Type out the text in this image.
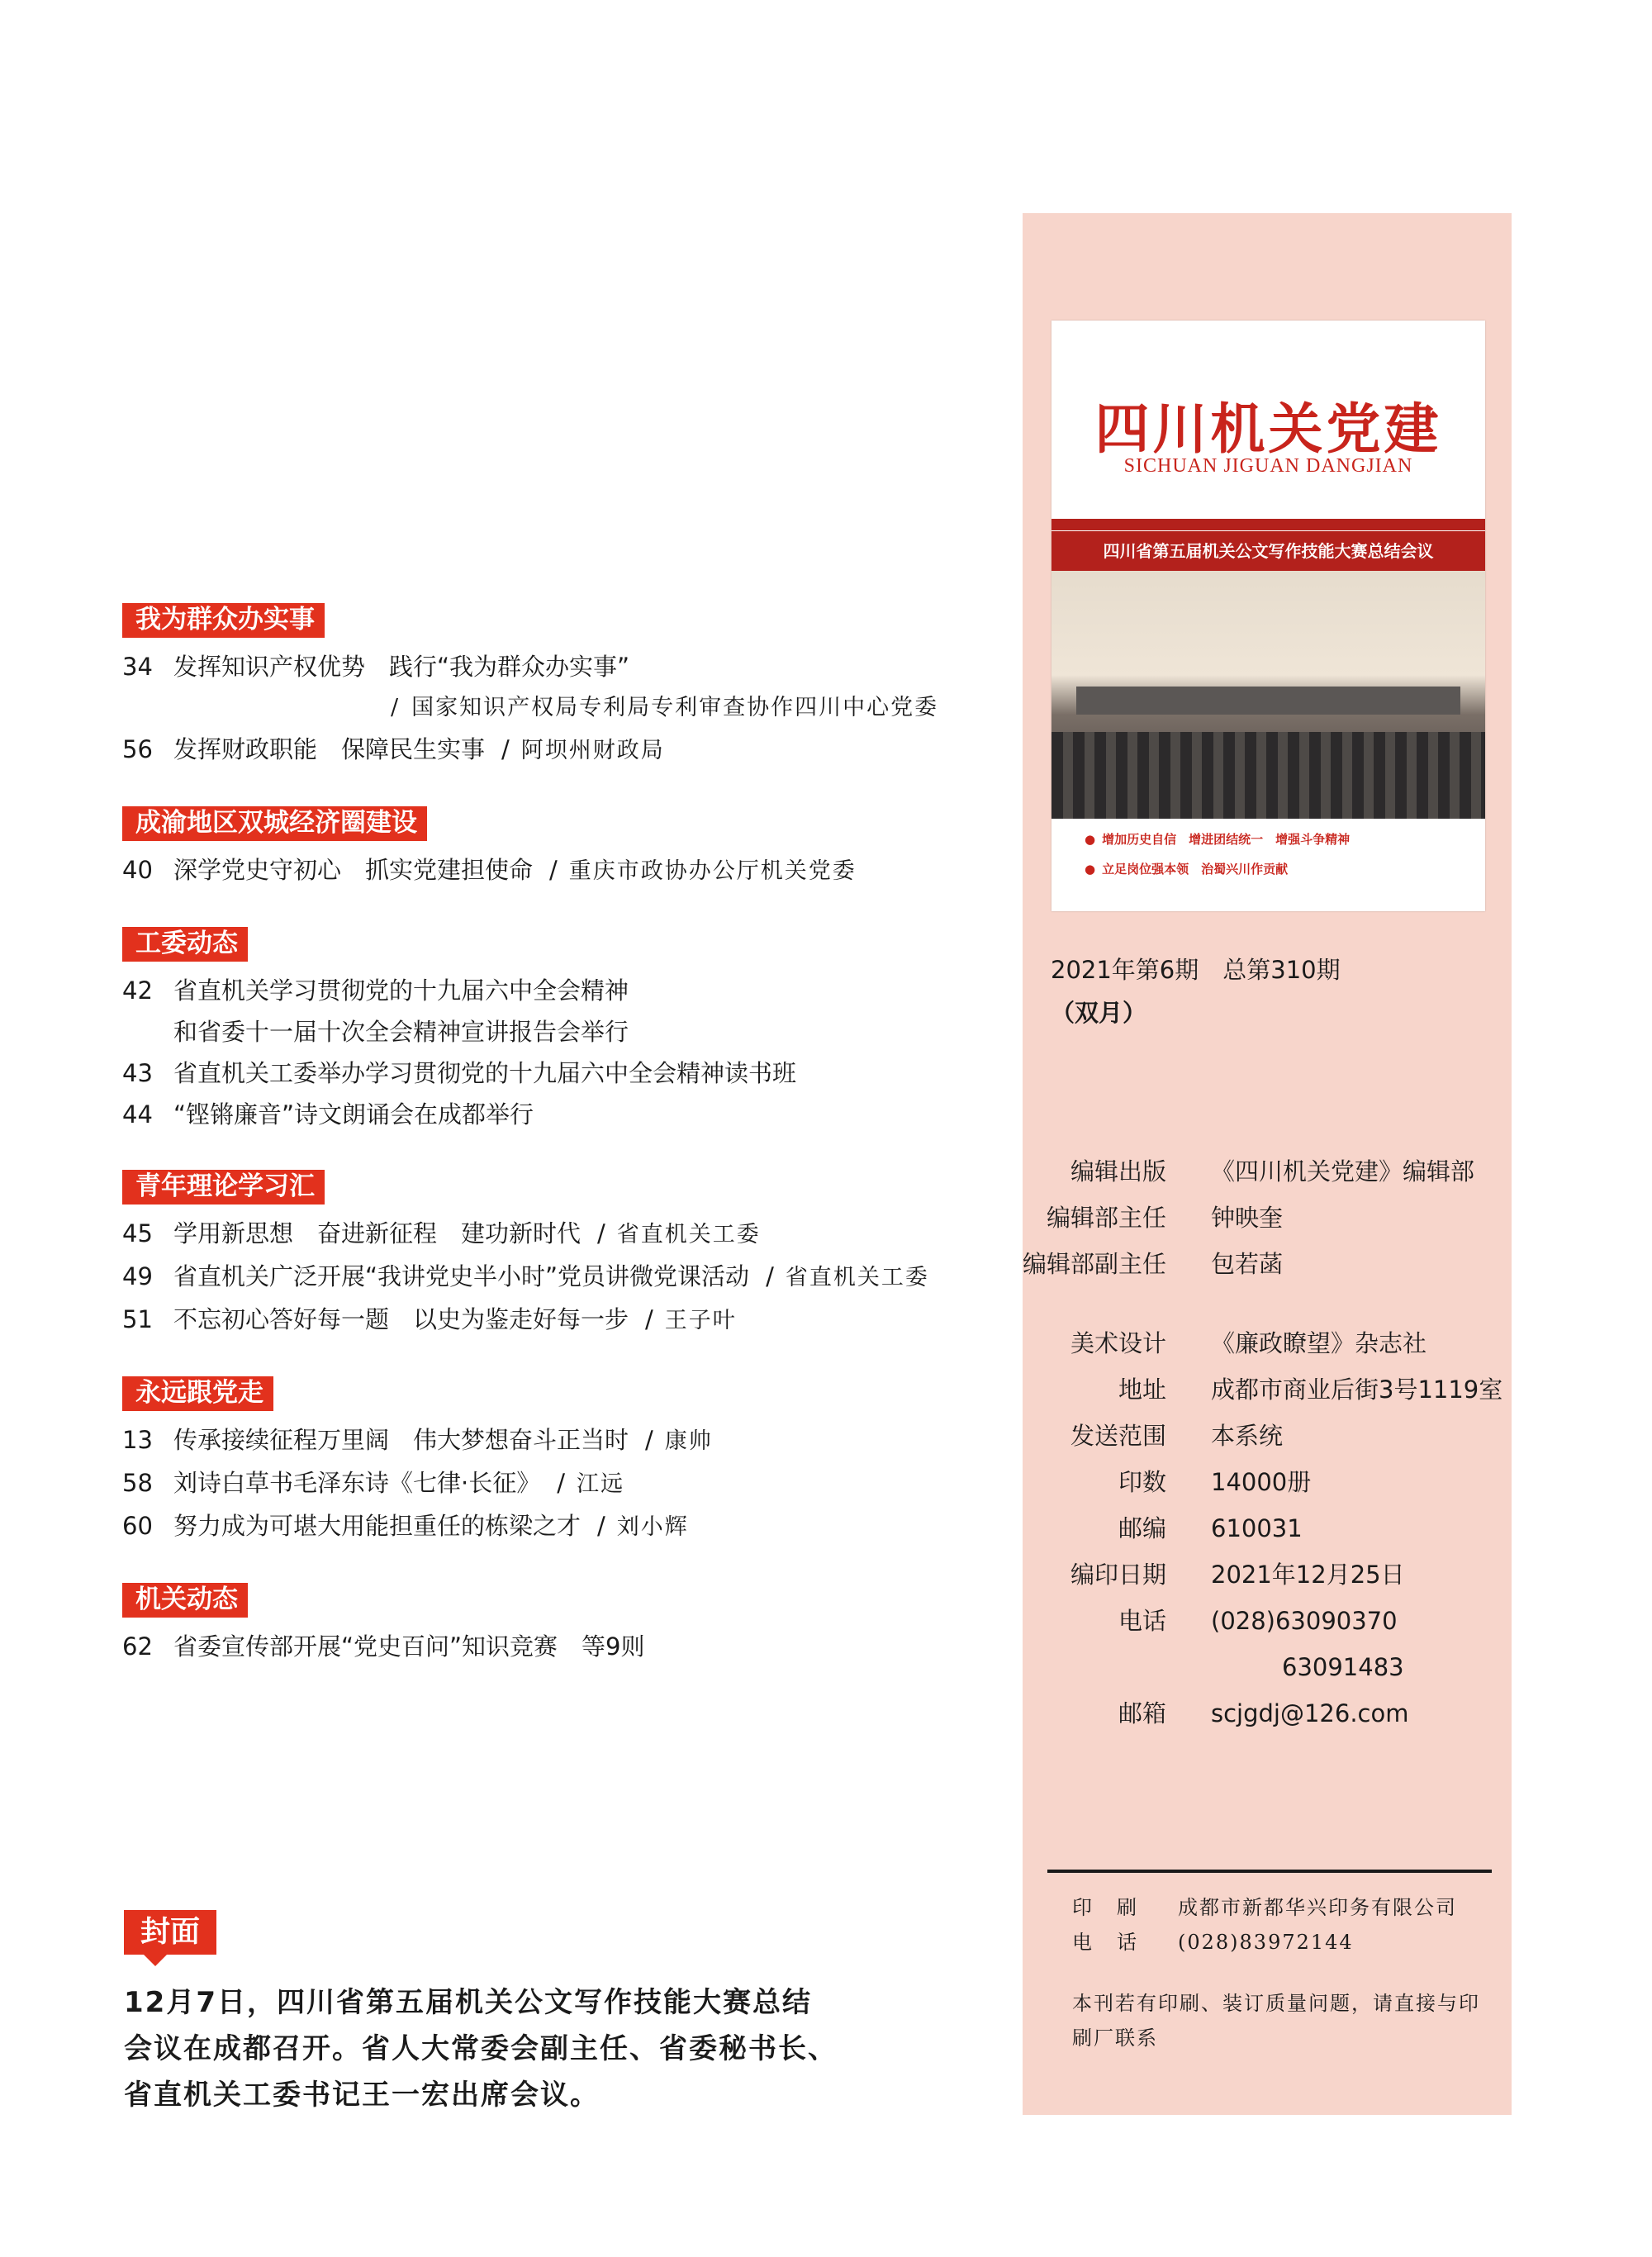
我为群众办实事
34 发挥知识产权优势　践行“我为群众办实事”
/ 国家知识产权局专利局专利审查协作四川中心党委
56 发挥财政职能　保障民生实事 / 阿坝州财政局
成渝地区双城经济圈建设
40 深学党史守初心　抓实党建担使命 / 重庆市政协办公厅机关党委
工委动态
42 省直机关学习贯彻党的十九届六中全会精神
和省委十一届十次全会精神宣讲报告会举行
43 省直机关工委举办学习贯彻党的十九届六中全会精神读书班
44 “铿锵廉音”诗文朗诵会在成都举行
青年理论学习汇
45 学用新思想　奋进新征程　建功新时代 / 省直机关工委
49 省直机关广泛开展“我讲党史半小时”党员讲微党课活动 / 省直机关工委
51 不忘初心答好每一题　以史为鉴走好每一步 / 王子叶
永远跟党走
13 传承接续征程万里阔　伟大梦想奋斗正当时 / 康帅
58 刘诗白草书毛泽东诗《七律·长征》 / 江远
60 努力成为可堪大用能担重任的栋梁之才 / 刘小辉
机关动态
62 省委宣传部开展“党史百问”知识竞赛　等9则
封面
12月7日，四川省第五届机关公文写作技能大赛总结
会议在成都召开。省人大常委会副主任、省委秘书长、
省直机关工委书记王一宏出席会议。
四川机关党建
SICHUAN JIGUAN DANGJIAN
四川省第五届机关公文写作技能大赛总结会议
● 增加历史自信　增进团结统一　增强斗争精神
● 立足岗位强本领　治蜀兴川作贡献
2021年第6期　总第310期
（双月）
编辑出版 《四川机关党建》编辑部
编辑部主任 钟映奎
编辑部副主任 包若菡
美术设计 《廉政瞭望》杂志社
地址 成都市商业后街3号1119室
发送范围 本系统
印数 14000册
邮编 610031
编印日期 2021年12月25日
电话 (028)63090370
63091483
邮箱 scjgdj@126.com
印刷 成都市新都华兴印务有限公司
电话 (028)83972144
本刊若有印刷、装订质量问题，请直接与印刷厂联系
